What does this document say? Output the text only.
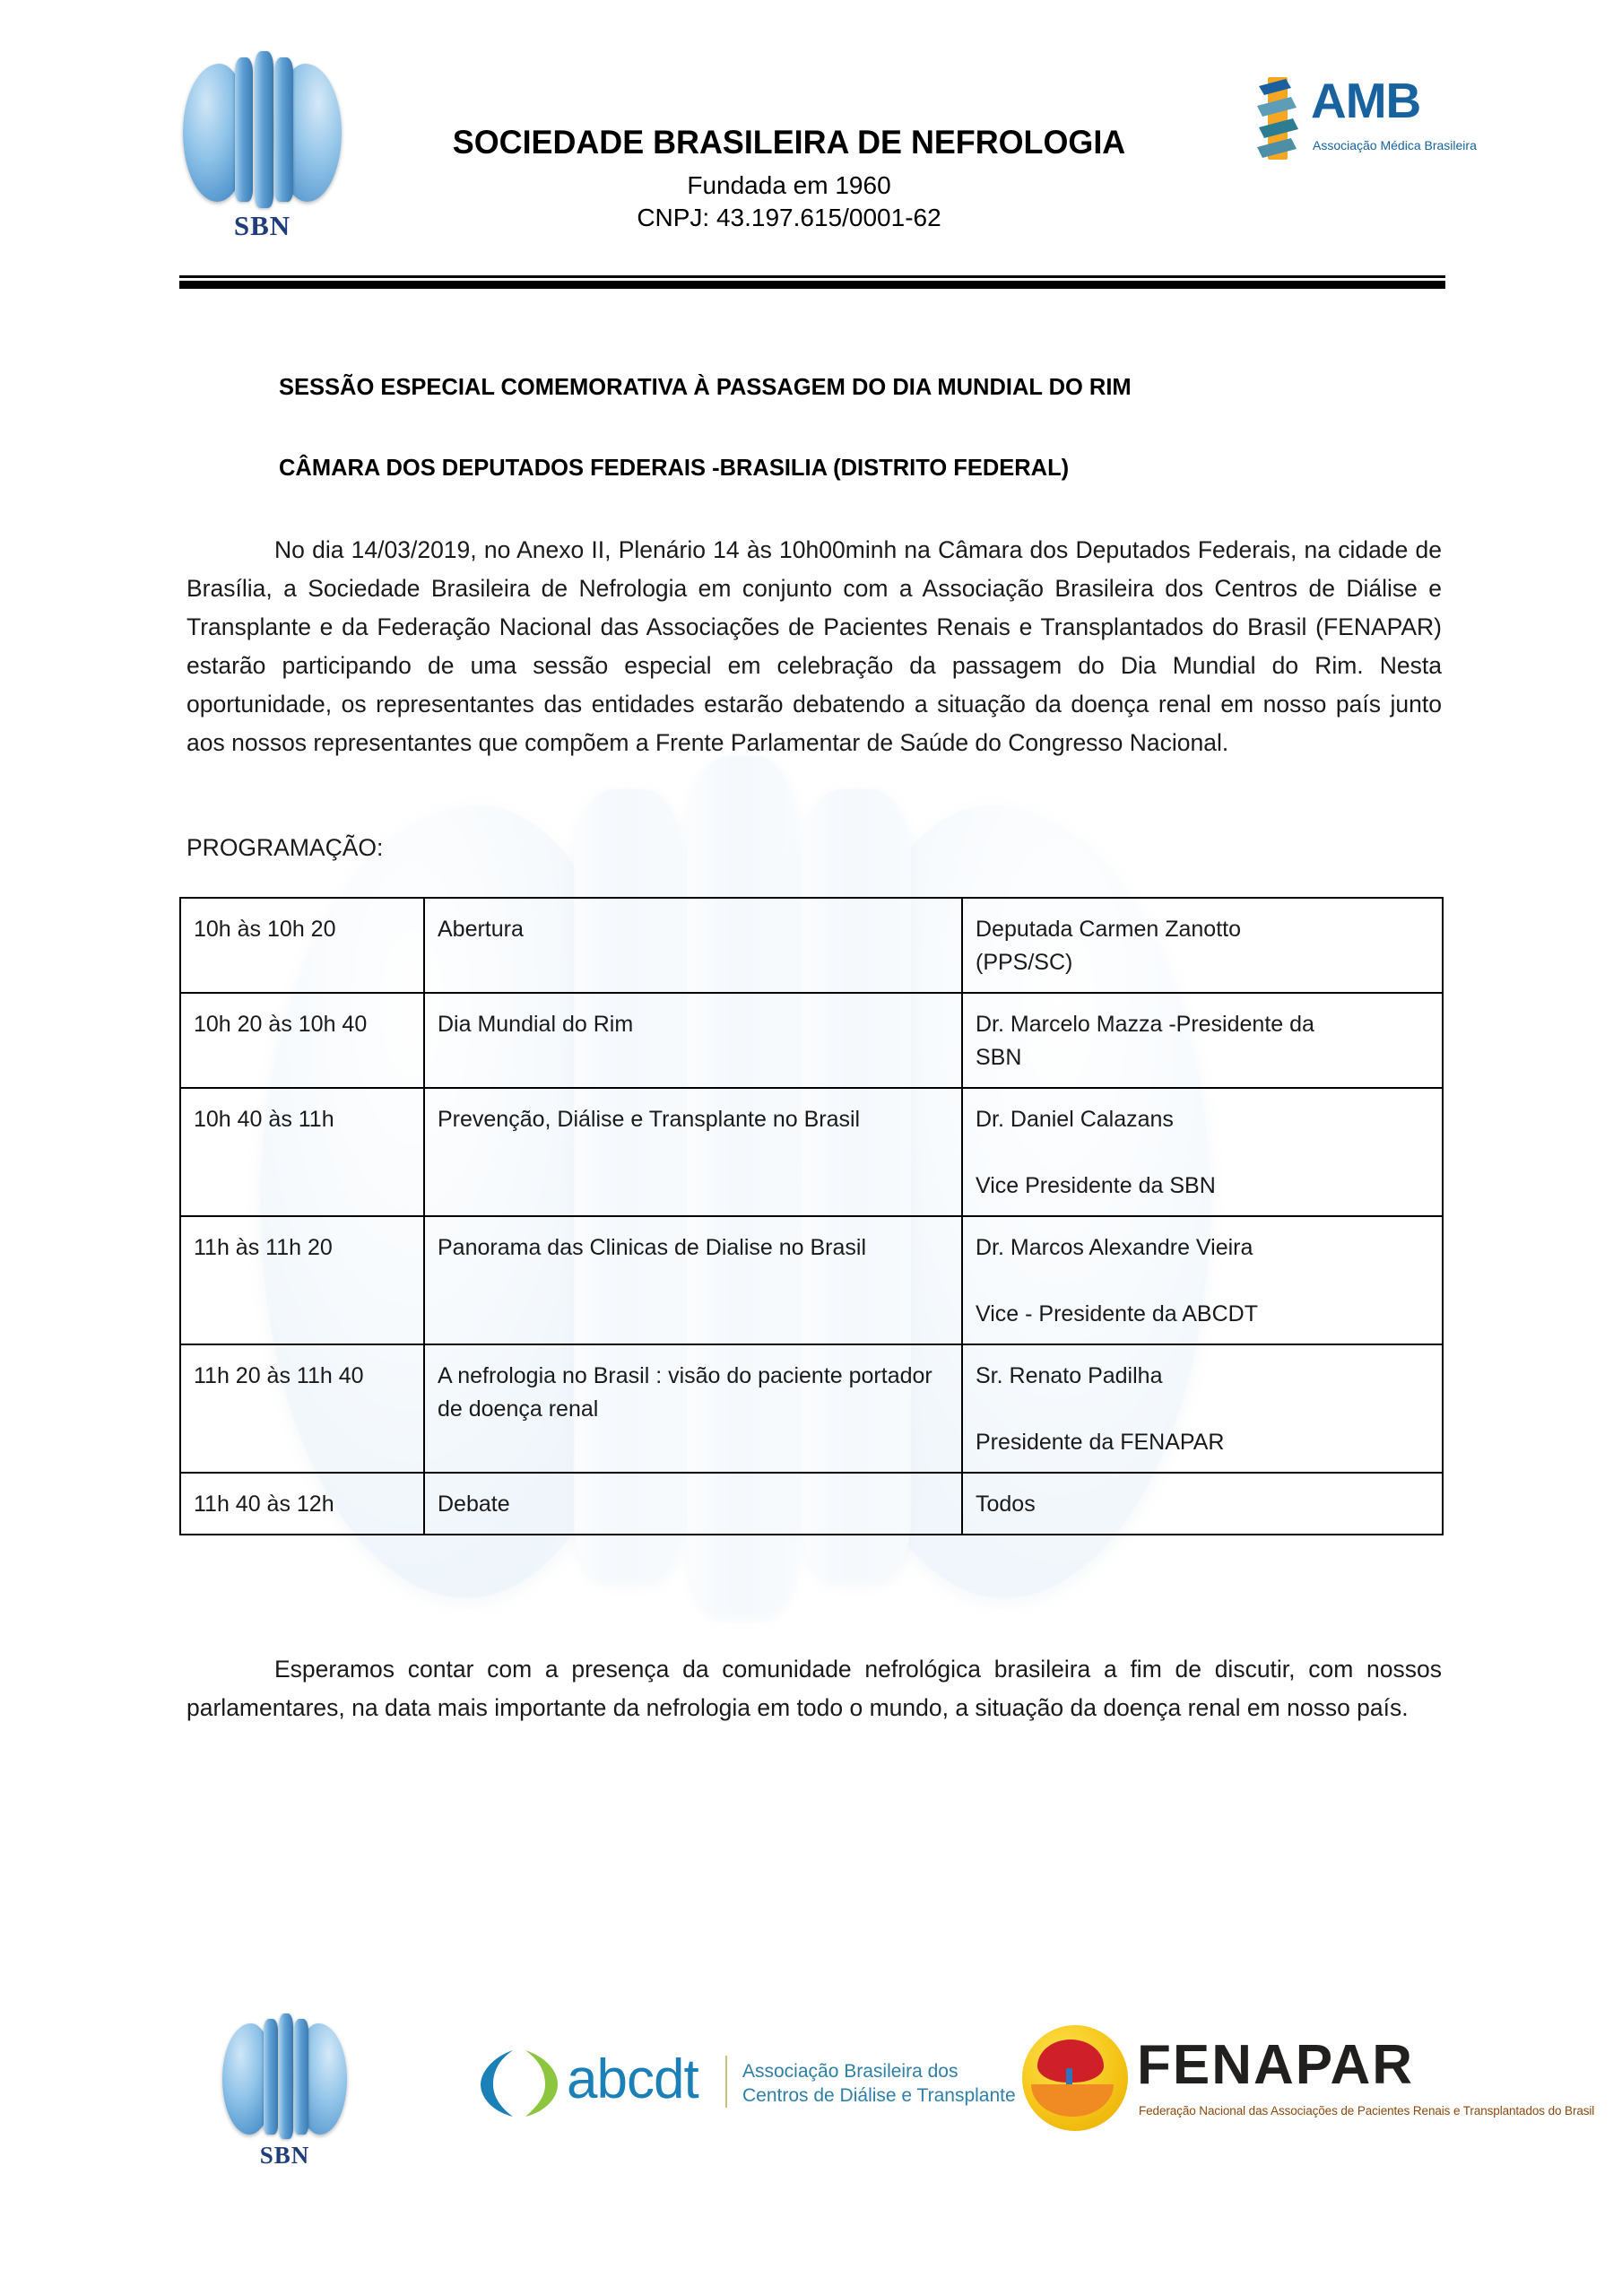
SBN
SOCIEDADE BRASILEIRA DE NEFROLOGIA
Fundada em 1960
CNPJ: 43.197.615/0001-62
AMB
Associação Médica Brasileira
SESSÃO ESPECIAL COMEMORATIVA À PASSAGEM DO DIA MUNDIAL DO RIM
CÂMARA DOS DEPUTADOS FEDERAIS -BRASILIA (DISTRITO FEDERAL)
No dia 14/03/2019, no Anexo II, Plenário 14 às 10h00minh na Câmara dos Deputados Federais, na cidade de Brasília, a Sociedade Brasileira de Nefrologia em conjunto com a Associação Brasileira dos Centros de Diálise e Transplante e da Federação Nacional das Associações de Pacientes Renais e Transplantados do Brasil (FENAPAR) estarão participando de uma sessão especial em celebração da passagem do Dia Mundial do Rim. Nesta oportunidade, os representantes das entidades estarão debatendo a situação da doença renal em nosso país junto aos nossos representantes que compõem a Frente Parlamentar de Saúde do Congresso Nacional.
PROGRAMAÇÃO:
10h às 10h 20	Abertura	Deputada Carmen Zanotto
(PPS/SC)

10h 20 às 10h 40	Dia Mundial do Rim	Dr. Marcelo Mazza -Presidente da
SBN

10h 40 às 11h	Prevenção, Diálise e Transplante no Brasil	Dr. Daniel Calazans
Vice Presidente da SBN

11h às 11h 20	Panorama das Clinicas de Dialise no Brasil	Dr. Marcos Alexandre Vieira
Vice - Presidente da ABCDT

11h 20 às 11h 40	A nefrologia no Brasil : visão do paciente portador de doença renal	Sr. Renato Padilha
Presidente da FENAPAR

11h 40 às 12h	Debate	Todos
Esperamos contar com a presença da comunidade nefrológica brasileira a fim de discutir, com nossos parlamentares, na data mais importante da nefrologia em todo o mundo, a situação da doença renal em nosso país.
SBN
abcdt Associação Brasileira dos
Centros de Diálise e Transplante FENAPAR
Federação Nacional das Associações de Pacientes Renais e Transplantados do Brasil
